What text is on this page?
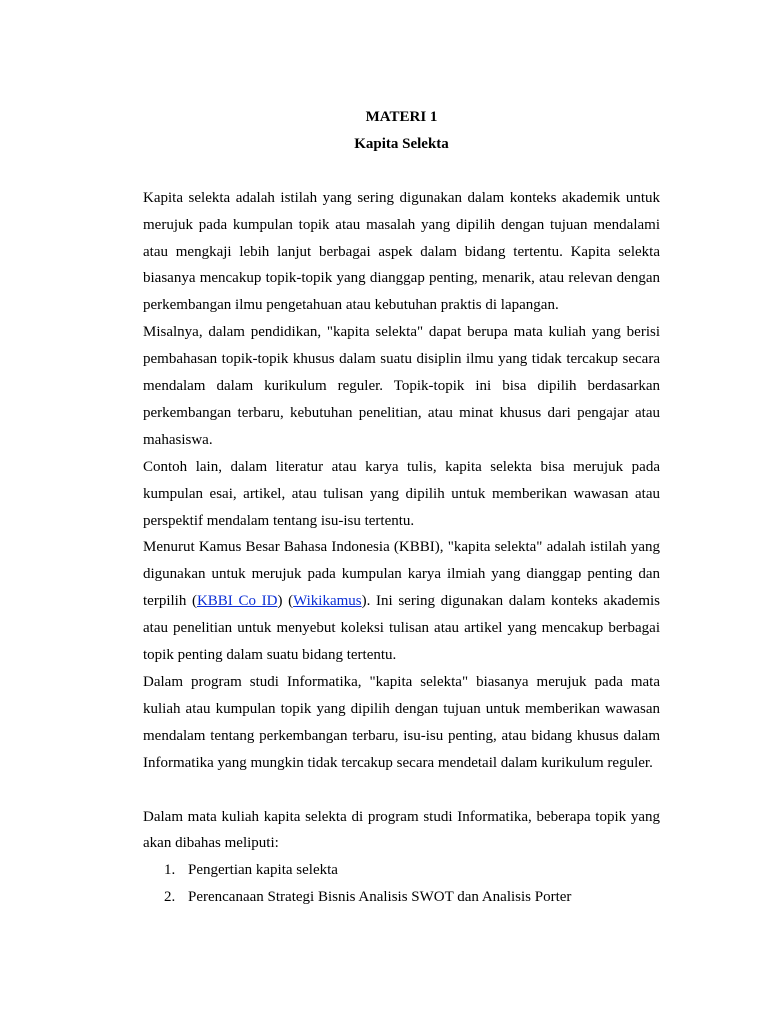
MATERI 1

Kapita Selekta

Kapita selekta adalah istilah yang sering digunakan dalam konteks akademik untuk merujuk pada kumpulan topik atau masalah yang dipilih dengan tujuan mendalami atau mengkaji lebih lanjut berbagai aspek dalam bidang tertentu. Kapita selekta biasanya mencakup topik-topik yang dianggap penting, menarik, atau relevan dengan perkembangan ilmu pengetahuan atau kebutuhan praktis di lapangan.

Misalnya, dalam pendidikan, "kapita selekta" dapat berupa mata kuliah yang berisi pembahasan topik-topik khusus dalam suatu disiplin ilmu yang tidak tercakup secara mendalam dalam kurikulum reguler. Topik-topik ini bisa dipilih berdasarkan perkembangan terbaru, kebutuhan penelitian, atau minat khusus dari pengajar atau mahasiswa.

Contoh lain, dalam literatur atau karya tulis, kapita selekta bisa merujuk pada kumpulan esai, artikel, atau tulisan yang dipilih untuk memberikan wawasan atau perspektif mendalam tentang isu-isu tertentu.

Menurut Kamus Besar Bahasa Indonesia (KBBI), "kapita selekta" adalah istilah yang digunakan untuk merujuk pada kumpulan karya ilmiah yang dianggap penting dan terpilih (KBBI Co ID) (Wikikamus). Ini sering digunakan dalam konteks akademis atau penelitian untuk menyebut koleksi tulisan atau artikel yang mencakup berbagai topik penting dalam suatu bidang tertentu.

Dalam program studi Informatika, "kapita selekta" biasanya merujuk pada mata kuliah atau kumpulan topik yang dipilih dengan tujuan untuk memberikan wawasan mendalam tentang perkembangan terbaru, isu-isu penting, atau bidang khusus dalam Informatika yang mungkin tidak tercakup secara mendetail dalam kurikulum reguler.

Dalam mata kuliah kapita selekta di program studi Informatika, beberapa topik yang akan dibahas meliputi:

1. Pengertian kapita selekta
2. Perencanaan Strategi Bisnis Analisis SWOT dan Analisis Porter
